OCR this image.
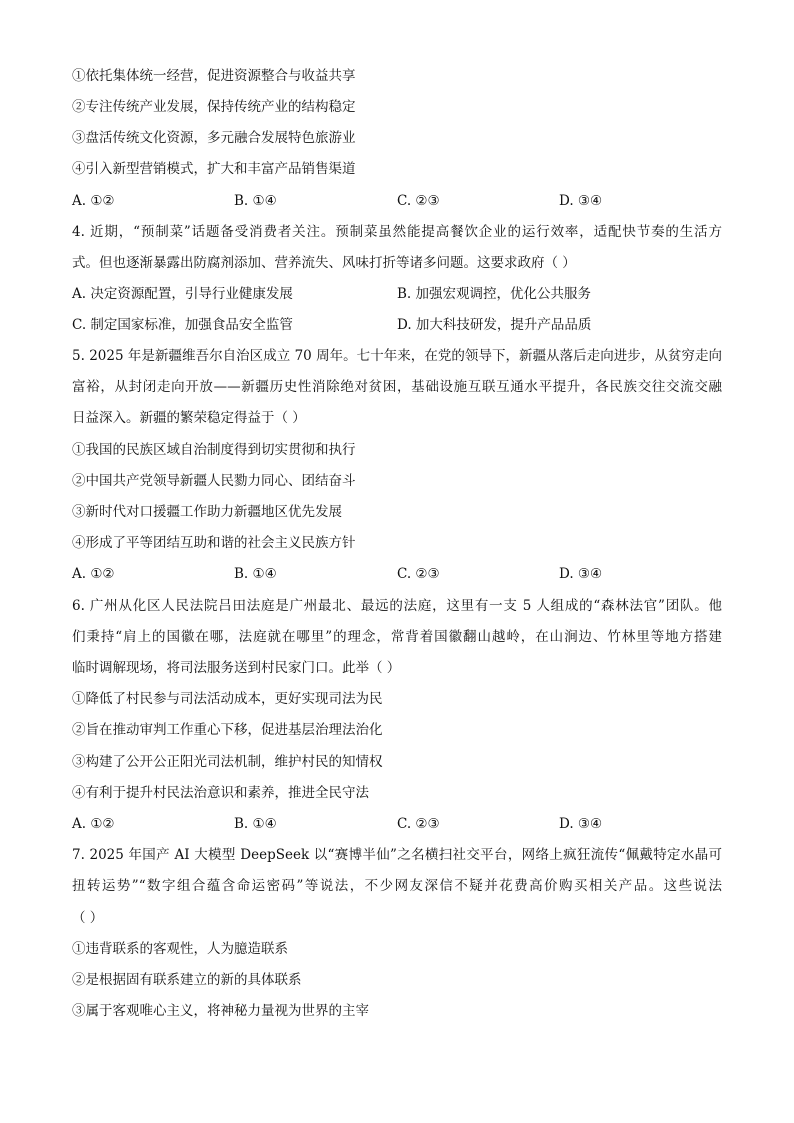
①依托集体统一经营，促进资源整合与收益共享
②专注传统产业发展，保持传统产业的结构稳定
③盘活传统文化资源，多元融合发展特色旅游业
④引入新型营销模式，扩大和丰富产品销售渠道
A. ①②	B. ①④	C. ②③	D. ③④
4. 近期，“预制菜”话题备受消费者关注。预制菜虽然能提高餐饮企业的运行效率，适配快节奏的生活方
式。但也逐渐暴露出防腐剂添加、营养流失、风味打折等诸多问题。这要求政府（ ）
A. 决定资源配置，引导行业健康发展	B. 加强宏观调控，优化公共服务
C. 制定国家标准，加强食品安全监管	D. 加大科技研发，提升产品品质
5. 2025 年是新疆维吾尔自治区成立 70 周年。七十年来，在党的领导下，新疆从落后走向进步，从贫穷走向
富裕，从封闭走向开放——新疆历史性消除绝对贫困，基础设施互联互通水平提升，各民族交往交流交融
日益深入。新疆的繁荣稳定得益于（ ）
①我国的民族区域自治制度得到切实贯彻和执行
②中国共产党领导新疆人民勠力同心、团结奋斗
③新时代对口援疆工作助力新疆地区优先发展
④形成了平等团结互助和谐的社会主义民族方针
A. ①②	B. ①④	C. ②③	D. ③④
6. 广州从化区人民法院吕田法庭是广州最北、最远的法庭，这里有一支 5 人组成的“森林法官”团队。他
们秉持“肩上的国徽在哪，法庭就在哪里”的理念，常背着国徽翻山越岭，在山涧边、竹林里等地方搭建
临时调解现场，将司法服务送到村民家门口。此举（ ）
①降低了村民参与司法活动成本，更好实现司法为民
②旨在推动审判工作重心下移，促进基层治理法治化
③构建了公开公正阳光司法机制，维护村民的知情权
④有利于提升村民法治意识和素养，推进全民守法
A. ①②	B. ①④	C. ②③	D. ③④
7. 2025 年国产 AI 大模型 DeepSeek 以“赛博半仙”之名横扫社交平台，网络上疯狂流传“佩戴特定水晶可
扭转运势”“数字组合蕴含命运密码”等说法，不少网友深信不疑并花费高价购买相关产品。这些说法
（ ）
①违背联系的客观性，人为臆造联系
②是根据固有联系建立的新的具体联系
③属于客观唯心主义，将神秘力量视为世界的主宰
